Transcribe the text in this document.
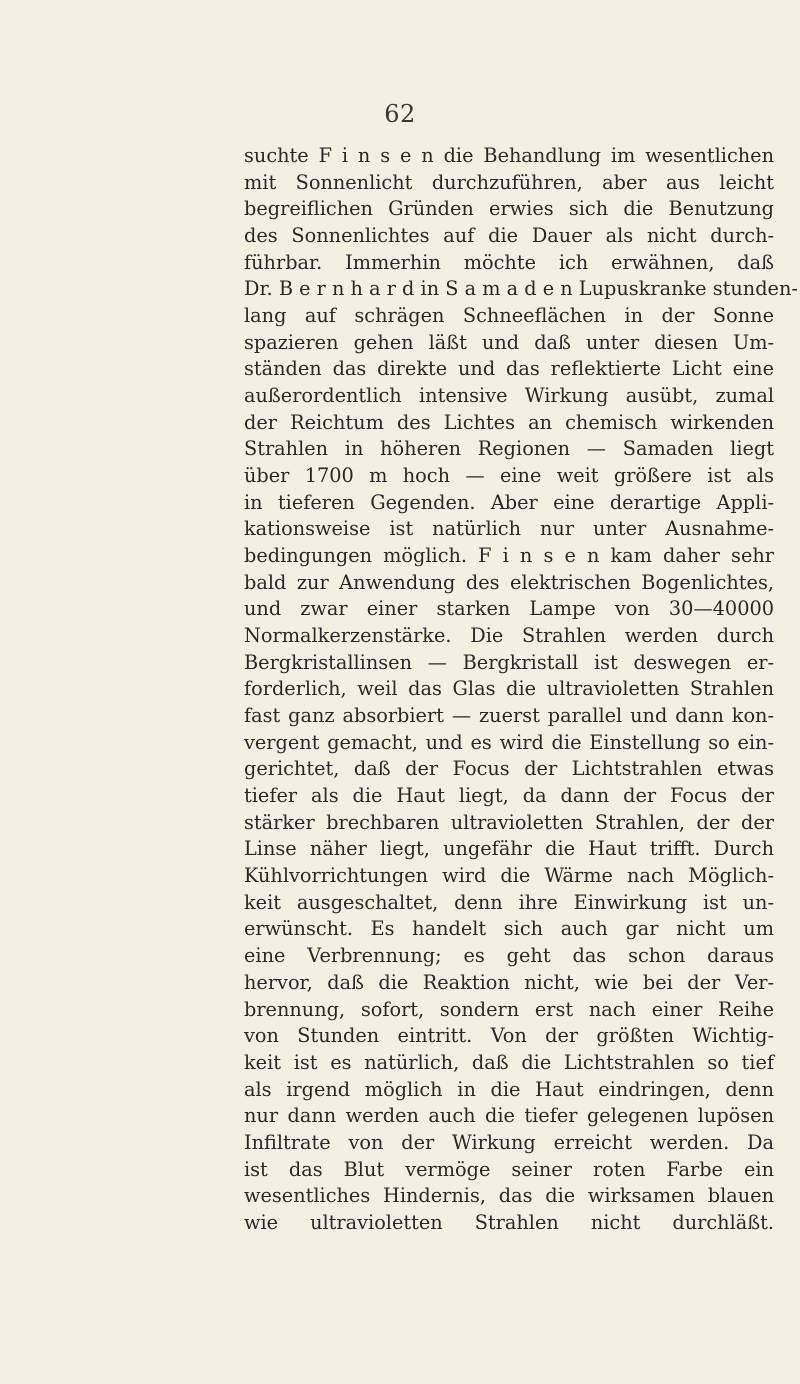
62
suchte F i n s e n die Behandlung im wesentlichen
mit Sonnenlicht durchzuführen, aber aus leicht
begreiflichen Gründen erwies sich die Benutzung
des Sonnenlichtes auf die Dauer als nicht durch-
führbar. Immerhin möchte ich erwähnen, daß
Dr. B e r n h a r d in S a m a d e n Lupuskranke stunden-
lang auf schrägen Schneeflächen in der Sonne
spazieren gehen läßt und daß unter diesen Um-
ständen das direkte und das reflektierte Licht eine
außerordentlich intensive Wirkung ausübt, zumal
der Reichtum des Lichtes an chemisch wirkenden
Strahlen in höheren Regionen — Samaden liegt
über 1700 m hoch — eine weit größere ist als
in tieferen Gegenden. Aber eine derartige Appli-
kationsweise ist natürlich nur unter Ausnahme-
bedingungen möglich. F i n s e n kam daher sehr
bald zur Anwendung des elektrischen Bogenlichtes,
und zwar einer starken Lampe von 30—40000
Normalkerzenstärke. Die Strahlen werden durch
Bergkristallinsen — Bergkristall ist deswegen er-
forderlich, weil das Glas die ultravioletten Strahlen
fast ganz absorbiert — zuerst parallel und dann kon-
vergent gemacht, und es wird die Einstellung so ein-
gerichtet, daß der Focus der Lichtstrahlen etwas
tiefer als die Haut liegt, da dann der Focus der
stärker brechbaren ultravioletten Strahlen, der der
Linse näher liegt, ungefähr die Haut trifft. Durch
Kühlvorrichtungen wird die Wärme nach Möglich-
keit ausgeschaltet, denn ihre Einwirkung ist un-
erwünscht. Es handelt sich auch gar nicht um
eine Verbrennung; es geht das schon daraus
hervor, daß die Reaktion nicht, wie bei der Ver-
brennung, sofort, sondern erst nach einer Reihe
von Stunden eintritt. Von der größten Wichtig-
keit ist es natürlich, daß die Lichtstrahlen so tief
als irgend möglich in die Haut eindringen, denn
nur dann werden auch die tiefer gelegenen lupösen
Infiltrate von der Wirkung erreicht werden. Da
ist das Blut vermöge seiner roten Farbe ein
wesentliches Hindernis, das die wirksamen blauen
wie ultravioletten Strahlen nicht durchläßt.
